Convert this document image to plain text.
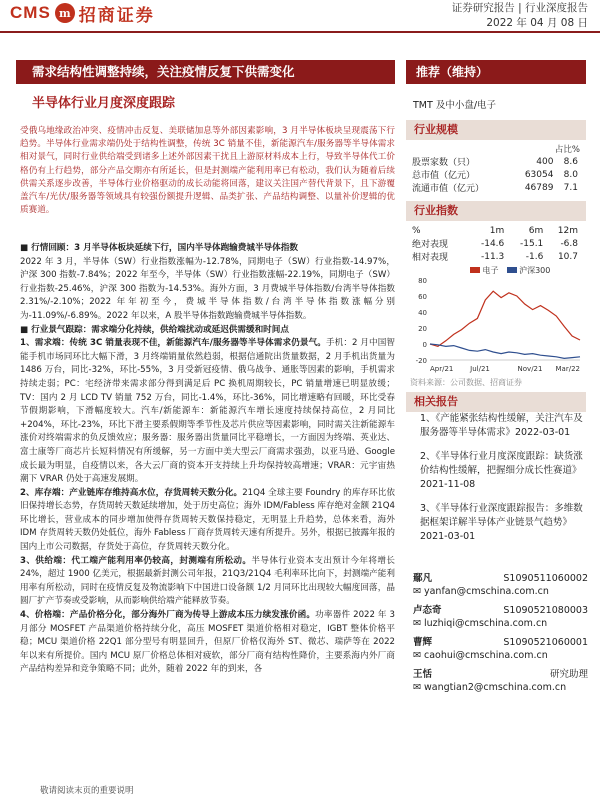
CMS m 招商证券	证券研究报告 | 行业深度报告
2022 年 04 月 08 日
需求结构性调整持续，关注疫情反复下供需变化	推荐（维持）
半导体行业月度深度跟踪
受俄乌地缘政治冲突、疫情冲击反复、美联储加息等外部因素影响，3 月半导体板块呈现震荡下行趋势。半导体行业需求端仍处于结构性调整，传统 3C 销量不佳，新能源汽车/服务器等半导体需求相对景气，同时行业供给端受到诸多上述外部因素干扰且上游原材料成本上行，导致半导体代工价格仍有上行趋势，部分产品交期亦有所延长，但是封测端产能利用率已有松动，我们认为随着后续供需关系逐步改善，半导体行业价格驱动的成长动能将回落，建议关注国产替代背景下，且下游覆盖汽车/光伏/服务器等领域具有较强份额提升逻辑、品类扩张、产品结构调整、以量补价逻辑的优质赛道。

■ 行情回顾：3 月半导体板块延续下行，国内半导体跑输费城半导体指数

2022 年 3 月，半导体（SW）行业指数涨幅为-12.78%，同期电子（SW）行业指数-14.97%，沪深 300 指数-7.84%；2022 年至今，半导体（SW）行业指数涨幅-22.19%，同期电子（SW）行业指数-25.46%，沪深 300 指数为-14.53%。海外方面，3 月费城半导体指数/台湾半导体指数 2.31%/-2.10%；2022 年年初至今，费城半导体指数/台湾半导体指数涨幅分别为-11.09%/-6.89%。2022 年以来，A 股半导体指数跑输费城半导体指数。

■ 行业景气跟踪：需求端分化持续，供给端扰动或延迟供需缓和时间点

1、需求端：传统 3C 销量表现不佳，新能源汽车/服务器等半导体需求仍景气。手机：2 月中国智能手机市场同环比大幅下滑，3 月终端销量依然趋弱，根据信通院出货量数据，2 月手机出货量为 1486 万台，同比-32%，环比-55%，3 月受新冠疫情、俄乌战争、通胀等因素的影响，手机需求持续走弱；PC：宅经济带来需求部分得到满足后 PC 换机周期较长，PC 销量增速已明显放缓；TV：国内 2 月 LCD TV 销量 752 万台，同比-1.4%，环比-36%，同比增速略有回暖，环比受春节假期影响，下滑幅度较大。汽车/新能源车：新能源汽车增长速度持续保持高位，2 月同比+204%，环比-23%，环比下滑主要系假期等季节性及芯片供应等因素影响，同时需关注新能源车涨价对终端需求的负反馈效应；服务器：服务器出货量同比平稳增长，一方面因为终端、英业达、富士康等厂商芯片长短料情况有所缓解，另一方面中美大型云厂商需求强劲，以亚马逊、Google 成长最为明显，自疫情以来，各大云厂商的资本开支持续上升均保持较高增速；VRAR：元宇宙热潮下 VRAR 仍处于高速发展期。

2、库存端：产业链库存维持高水位，存货周转天数分化。21Q4 全球主要 Foundry 的库存环比依旧保持增长态势，存货周转天数延续增加，处于历史高位；海外 IDM/Fabless 库存绝对金额 21Q4 环比增长，营业成本的同步增加使得存货周转天数保持稳定，无明显上升趋势，总体来看，海外 IDM 存货周转天数仍处低位，海外 Fabless 厂商存货周转天速有所提升。另外，根据已披露年报的国内上市公司数据，存货处于高位，存货周转天数分化。

3、供给端：代工端产能利用率仍较高，封测端有所松动。半导体行业资本支出预计今年将增长 24%，超过 1900 亿美元，根据最新封测公司年报，21Q3/21Q4 毛利率环比向下，封测端产能利用率有所松动，同时在疫情反复及物流影响下中国进口设备额 1/2 月同环比出现较大幅度回落，晶圆厂扩产节奏或受影响，从而影响供给端产能释放节奏。

4、价格端：产品价格分化，部分海外厂商为传导上游成本压力续发涨价函。功率器件 2022 年 3 月部分 MOSFET 产品渠道价格持续分化，高压 MOSFET 渠道价格相对稳定，IGBT 整体价格平稳；MCU 渠道价格 22Q1 部分型号有明显回升，但原厂价格仅海外 ST、微芯、瑞萨等在 2022 年以来有所提价。国内 MCU 原厂价格总体相对疲软，部分厂商有结构性降价，主要系海内外厂商产品结构差异和竞争策略不同；此外，随着 2022 年的到来，各

TMT 及中小盘/电子
行业规模
占比%
股票家数（只）	400	8.6
总市值（亿元）	63054	8.0
流通市值（亿元）	46789	7.1
行业指数
%	1m	6m	12m
绝对表现	-14.6	-15.1	-6.8
相对表现	-11.3	-1.6	10.7
电子	沪深300
80
60
40
20
0
-20
Apr/21 Jul/21	Nov/21 Mar/22
资料来源：公司数据、招商证券
相关报告
1、《产能紧张结构性缓解，关注汽车及服务器等半导体需求》2022-03-01
2、《半导体行业月度深度跟踪：缺货涨价结构性缓解，把握细分成长性赛道》2021-11-08
3、《半导体行业深度跟踪报告：多维数据框架详解半导体产业链景气趋势》2021-03-01
鄢凡	S1090511060002
✉ yanfan@cmschina.com.cn
卢态奇	S1090521080003
✉ luzhiqi@cmschina.com.cn
曹辉	S1090521060001
✉ caohui@cmschina.com.cn
王恬	研究助理
✉ wangtian2@cmschina.com.cn
敬请阅读末页的重要说明
